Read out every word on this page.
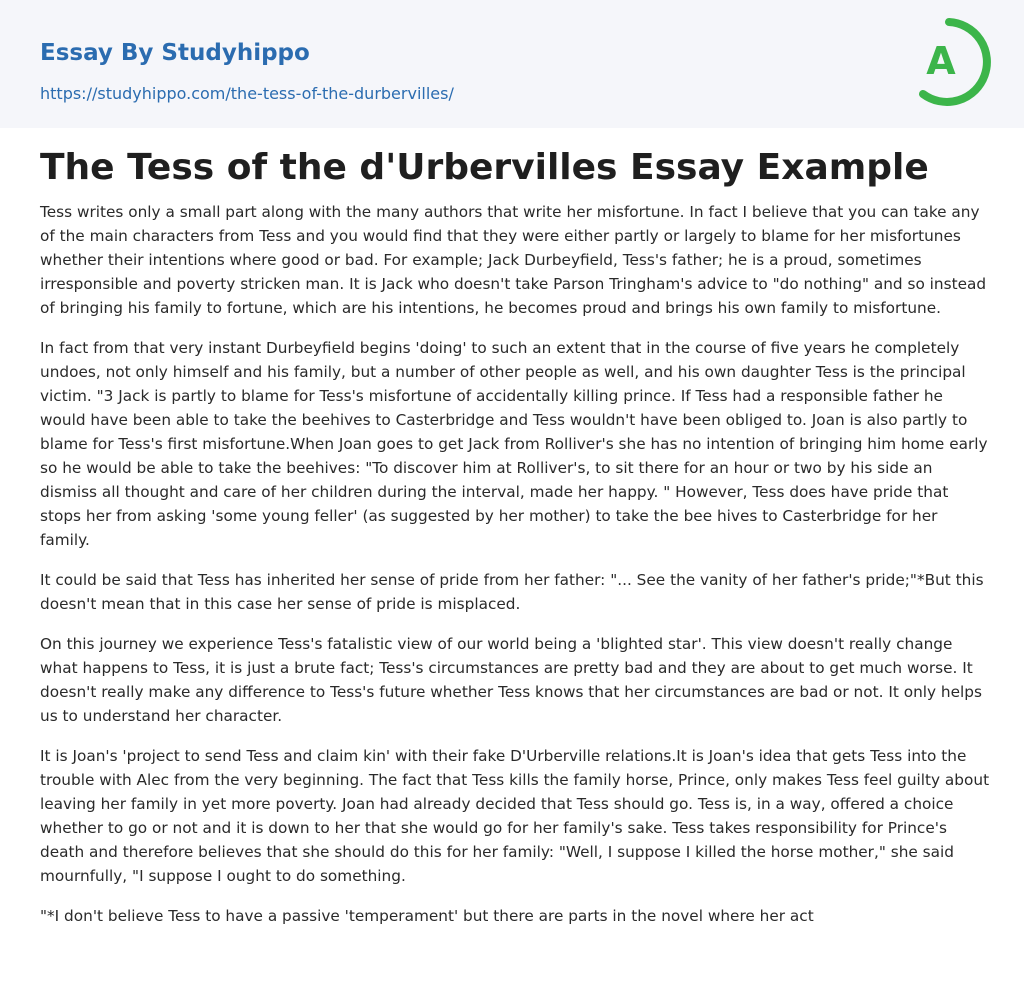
Essay By Studyhippo
https://studyhippo.com/the-tess-of-the-durbervilles/
A
The Tess of the d'Urbervilles Essay Example

Tess writes only a small part along with the many authors that write her misfortune. In fact I believe that you can take any of the main characters from Tess and you would find that they were either partly or largely to blame for her misfortunes whether their intentions where good or bad. For example; Jack Durbeyfield, Tess's father; he is a proud, sometimes irresponsible and poverty stricken man. It is Jack who doesn't take Parson Tringham's advice to "do nothing" and so instead of bringing his family to fortune, which are his intentions, he becomes proud and brings his own family to misfortune.

In fact from that very instant Durbeyfield begins 'doing' to such an extent that in the course of five years he completely undoes, not only himself and his family, but a number of other people as well, and his own daughter Tess is the principal victim. "3 Jack is partly to blame for Tess's misfortune of accidentally killing prince. If Tess had a responsible father he would have been able to take the beehives to Casterbridge and Tess wouldn't have been obliged to. Joan is also partly to blame for Tess's first misfortune.When Joan goes to get Jack from Rolliver's she has no intention of bringing him home early so he would be able to take the beehives: "To discover him at Rolliver's, to sit there for an hour or two by his side an dismiss all thought and care of her children during the interval, made her happy. " However, Tess does have pride that stops her from asking 'some young feller' (as suggested by her mother) to take the bee hives to Casterbridge for her family.

It could be said that Tess has inherited her sense of pride from her father: "... See the vanity of her father's pride;"*But this doesn't mean that in this case her sense of pride is misplaced.

On this journey we experience Tess's fatalistic view of our world being a 'blighted star'. This view doesn't really change what happens to Tess, it is just a brute fact; Tess's circumstances are pretty bad and they are about to get much worse. It doesn't really make any difference to Tess's future whether Tess knows that her circumstances are bad or not. It only helps us to understand her character.

It is Joan's 'project to send Tess and claim kin' with their fake D'Urberville relations.It is Joan's idea that gets Tess into the trouble with Alec from the very beginning. The fact that Tess kills the family horse, Prince, only makes Tess feel guilty about leaving her family in yet more poverty. Joan had already decided that Tess should go. Tess is, in a way, offered a choice whether to go or not and it is down to her that she would go for her family's sake. Tess takes responsibility for Prince's death and therefore believes that she should do this for her family: "Well, I suppose I killed the horse mother," she said mournfully, "I suppose I ought to do something.

"*I don't believe Tess to have a passive 'temperament' but there are parts in the novel where her act
